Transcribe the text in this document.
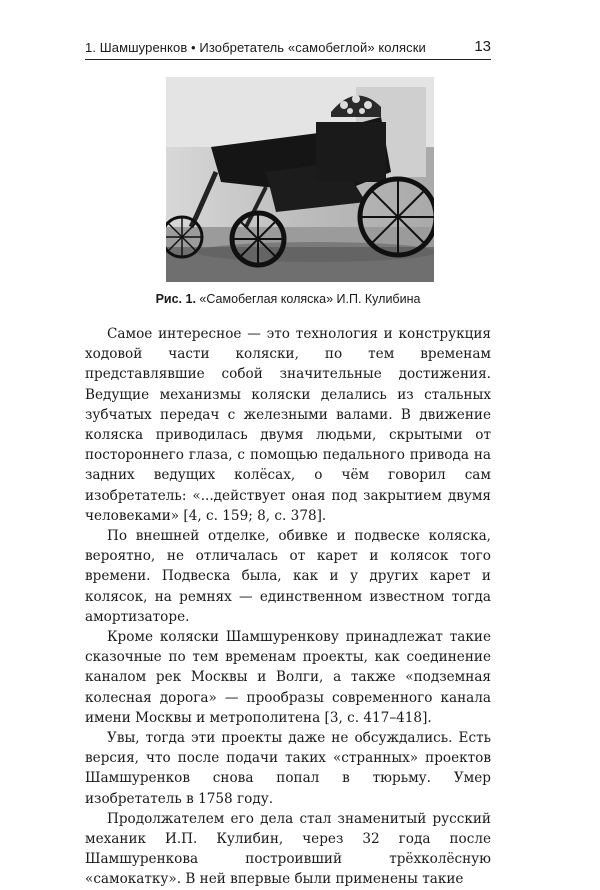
1. Шамшуренков • Изобретатель «самобеглой» коляски	13
Рис. 1. «Самобеглая коляска» И.П. Кулибина

Самое интересное — это технология и конструкция ходовой части коляски, по тем временам представлявшие собой значительные достижения. Ведущие механизмы коляски делались из стальных зубчатых передач с железными валами. В движение коляска приводилась двумя людьми, скрытыми от постороннего глаза, с помощью педального привода на задних ведущих колёсах, о чём говорил сам изобретатель: «...действует оная под закрытием двумя человеками» [4, с. 159; 8, с. 378].

По внешней отделке, обивке и подвеске коляска, вероятно, не отличалась от карет и колясок того времени. Подвеска была, как и у других карет и колясок, на ремнях — единственном известном тогда амортизаторе.

Кроме коляски Шамшуренкову принадлежат такие сказочные по тем временам проекты, как соединение каналом рек Москвы и Волги, а также «подземная колесная дорога» — прообразы современного канала имени Москвы и метрополитена [3, с. 417–418].

Увы, тогда эти проекты даже не обсуждались. Есть версия, что после подачи таких «странных» проектов Шамшуренков снова попал в тюрьму. Умер изобретатель в 1758 году.

Продолжателем его дела стал знаменитый русский механик И.П. Кулибин, через 32 года после Шамшуренкова построивший трёхколёсную «самокатку». В ней впервые были применены такие
